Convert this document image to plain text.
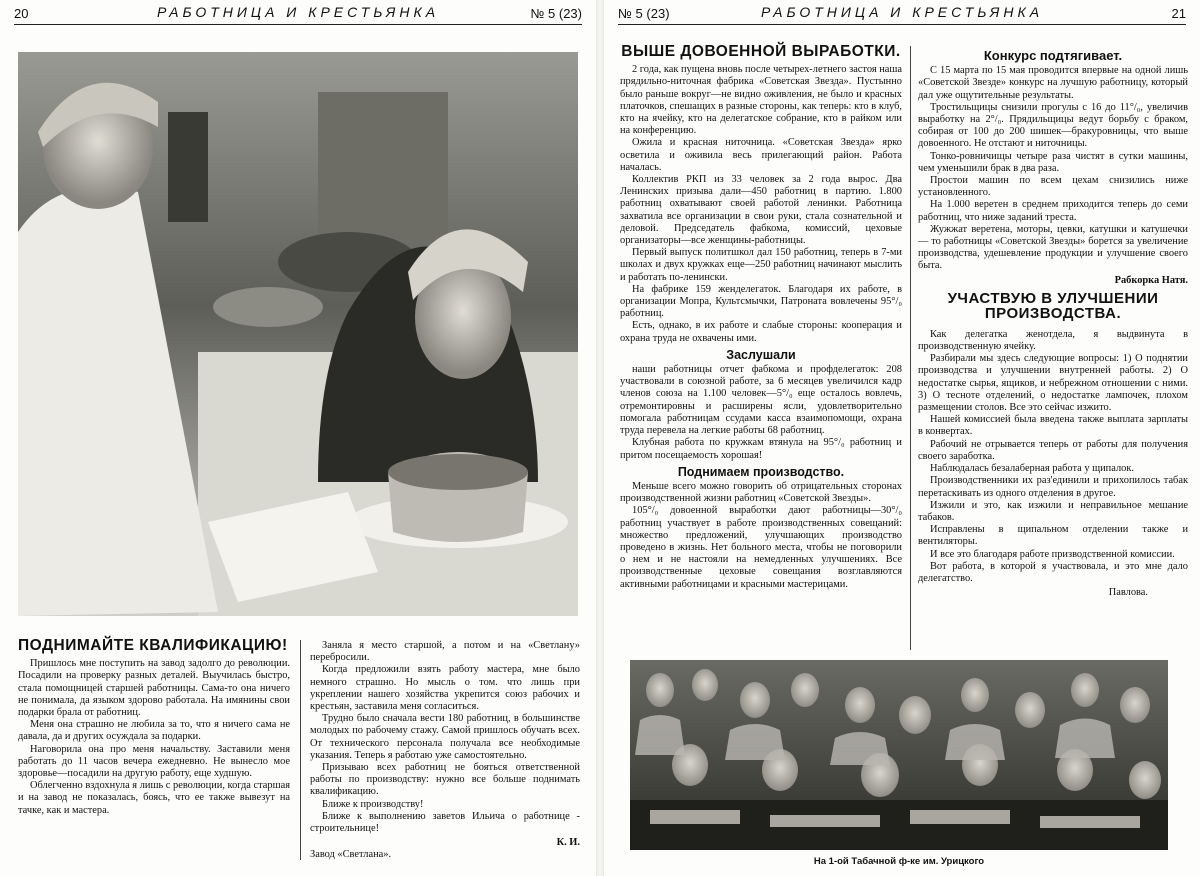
20	РАБОТНИЦА И КРЕСТЬЯНКА	№ 5 (23)
ПОДНИМАЙТЕ КВАЛИФИКАЦИЮ!

Пришлось мне поступить на завод задолго до революции. Посадили на проверку разных деталей. Выучилась быстро, стала помощницей старшей работницы. Сама-то она ничего не понимала, да языком здорово работала. На имянины свои подарки брала от работниц.

Меня она страшно не любила за то, что я ничего сама не давала, да и других осуждала за подарки.

Наговорила она про меня начальству. Заставили меня работать до 11 часов вечера ежедневно. Не вынесло мое здоровье—посадили на другую работу, еще худшую.

Облегченно вздохнула я лишь с революции, когда старшая и на завод не показалась, боясь, что ее также вывезут на тачке, как и мастера.

Заняла я место старшой, а потом и на «Светлану» перебросили.

Когда предложили взять работу мастера, мне было немного страшно. Но мысль о том. что лишь при укреплении нашего хозяйства укрепится союз рабочих и крестьян, заставила меня согласиться.

Трудно было сначала вести 180 работниц, в большинстве молодых по рабочему стажу. Самой пришлось обучать всех. От технического персонала получала все необходимые указания. Теперь я работаю уже самостоятельно.

Призываю всех работниц не бояться ответственной работы по производству: нужно все больше поднимать квалификацию.

Ближе к производству!

Ближе к выполнению заветов Ильича о работнице - строительнице!

К. И.
Завод «Светлана».
№ 5 (23)	РАБОТНИЦА И КРЕСТЬЯНКА	21
ВЫШЕ ДОВОЕННОЙ ВЫРАБОТКИ.

2 года, как пущена вновь после четырех-летнего застоя наша прядильно-ниточная фабрика «Советская Звезда». Пустынно было раньше вокруг—не видно оживления, не было и красных платочков, спешащих в разные стороны, как теперь: кто в клуб, кто на ячейку, кто на делегатское собрание, кто в райком или на конференцию.

Ожила и красная ниточница. «Советская Звезда» ярко осветила и оживила весь прилегающий район. Работа началась.

Коллектив РКП из 33 человек за 2 года вырос. Два Ленинских призыва дали—450 работниц в партию. 1.800 работниц охватывают своей работой ленинки. Работница захватила все организации в свои руки, стала сознательной и деловой. Председатель фабкома, комиссий, цеховые организаторы—все женщины-работницы.

Первый выпуск политшкол дал 150 работниц, теперь в 7-ми школах и двух кружках еще—250 работниц начинают мыслить и работать по-ленински.

На фабрике 159 женделегаток. Благодаря их работе, в организации Мопра, Культсмычки, Патроната вовлечены 95°/₀ работниц.

Есть, однако, в их работе и слабые стороны: кооперация и охрана труда не охвачены ими.

Заслушали

наши работницы отчет фабкома и профделегаток: 208 участвовали в союзной работе, за 6 месяцев увеличился кадр членов союза на 1.100 человек—5°/₀ еще осталось вовлечь, отремонтировны и расширены ясли, удовлетворительно помогала работницам ссудами касса взаимопомощи, охрана труда перевела на легкие работы 68 работниц.

Клубная работа по кружкам втянула на 95°/₀ работниц и притом посещаемость хорошая!

Поднимаем производство.

Меньше всего можно говорить об отрицательных сторонах производственной жизни работниц «Советской Звезды».

105°/₀ довоенной выработки дают работницы—30°/₀ работниц участвует в работе производственных совещаний: множество предложений, улучшающих производство проведено в жизнь. Нет больного места, чтобы не поговорили о нем и не настояли на немедленных улучшениях. Все производственные цеховые совещания возглавляются активными работницами и красными мастерицами.

Конкурс подтягивает.

С 15 марта по 15 мая проводится впервые на одной лишь «Советской Звезде» конкурс на лучшую работницу, который дал уже ощутительные результаты.

Тростильщицы снизили прогулы с 16 до 11°/₀, увеличив выработку на 2°/₀. Прядильщицы ведут борьбу с браком, собирая от 100 до 200 шишек—бракуровницы, что выше довоенного. Не отстают и ниточницы.

Тонко-ровничищы четыре раза чистят в сутки машины, чем уменьшили брак в два раза.

Простои машин по всем цехам снизились ниже установленного.

На 1.000 веретен в среднем приходится теперь до семи работниц, что ниже заданий треста.

Жужжат веретена, моторы, цевки, катушки и катушечки — то работницы «Советской Звезды» борется за увеличение производства, удешевление продукции и улучшение своего быта.

Рабкорка Натя.
УЧАСТВУЮ В УЛУЧШЕНИИ ПРОИЗВОДСТВА.

Как делегатка женотдела, я выдвинута в производственную ячейку.

Разбирали мы здесь следующие вопросы: 1) О поднятии производства и улучшении внутренней работы. 2) О недостатке сырья, ящиков, и небрежном отношении с ними. 3) О тесноте отделений, о недостатке лампочек, плохом размещении столов. Все это сейчас изжито.

Нашей комиссией была введена также выплата зарплаты в конвертах.

Рабочий не отрывается теперь от работы для получения своего заработка.

Наблюдалась безалаберная работа у щипалок.

Производственники их раз'единили и прихопилось табак перетаскивать из одного отделения в другое.

Изжили и это, как изжили и неправильное мешание табаков.

Исправлены в щипальном отделении также и вентиляторы.

И все это благодаря работе призводственной комиссии.

Вот работа, в которой я участвовала, и это мне дало делегатство.

Павлова.
На 1-ой Табачной ф-ке им. Урицкого
